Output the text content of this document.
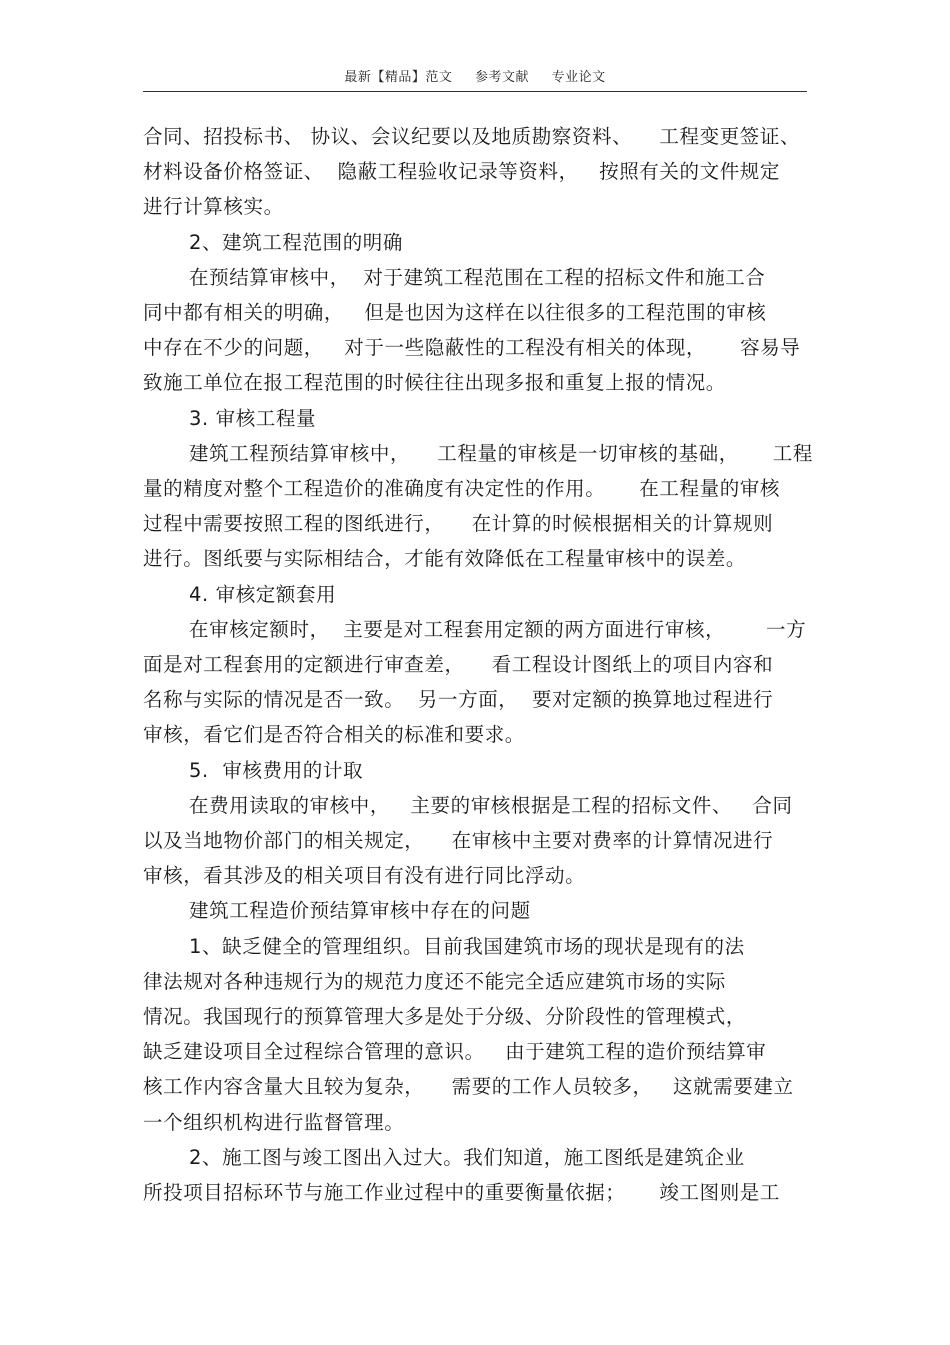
最新【精品】范文 参考文献 专业论文
合同、招投标书、 协议、会议纪要以及地质勘察资料、    工程变更签证、
材料设备价格签证、  隐蔽工程验收记录等资料，   按照有关的文件规定
进行计算核实。
2、建筑工程范围的明确
在预结算审核中，  对于建筑工程范围在工程的招标文件和施工合
同中都有相关的明确，   但是也因为这样在以往很多的工程范围的审核
中存在不少的问题，   对于一些隐蔽性的工程没有相关的体现，     容易导
致施工单位在报工程范围的时候往往出现多报和重复上报的情况。
3. 审核工程量
建筑工程预结算审核中，    工程量的审核是一切审核的基础，     工程
量的精度对整个工程造价的准确度有决定性的作用。     在工程量的审核
过程中需要按照工程的图纸进行，    在计算的时候根据相关的计算规则
进行。图纸要与实际相结合，才能有效降低在工程量审核中的误差。
4. 审核定额套用
在审核定额时，  主要是对工程套用定额的两方面进行审核，      一方
面是对工程套用的定额进行审查差，    看工程设计图纸上的项目内容和
名称与实际的情况是否一致。  另一方面，  要对定额的换算地过程进行
审核，看它们是否符合相关的标准和要求。
5.  审核费用的计取
在费用读取的审核中，   主要的审核根据是工程的招标文件、   合同
以及当地物价部门的相关规定，    在审核中主要对费率的计算情况进行
审核，看其涉及的相关项目有没有进行同比浮动。
建筑工程造价预结算审核中存在的问题
1、缺乏健全的管理组织。目前我国建筑市场的现状是现有的法
律法规对各种违规行为的规范力度还不能完全适应建筑市场的实际
情况。我国现行的预算管理大多是处于分级、分阶段性的管理模式，
缺乏建设项目全过程综合管理的意识。   由于建筑工程的造价预结算审
核工作内容含量大且较为复杂，    需要的工作人员较多，   这就需要建立
一个组织机构进行监督管理。
2、施工图与竣工图出入过大。我们知道，施工图纸是建筑企业
所投项目招标环节与施工作业过程中的重要衡量依据；     竣工图则是工
